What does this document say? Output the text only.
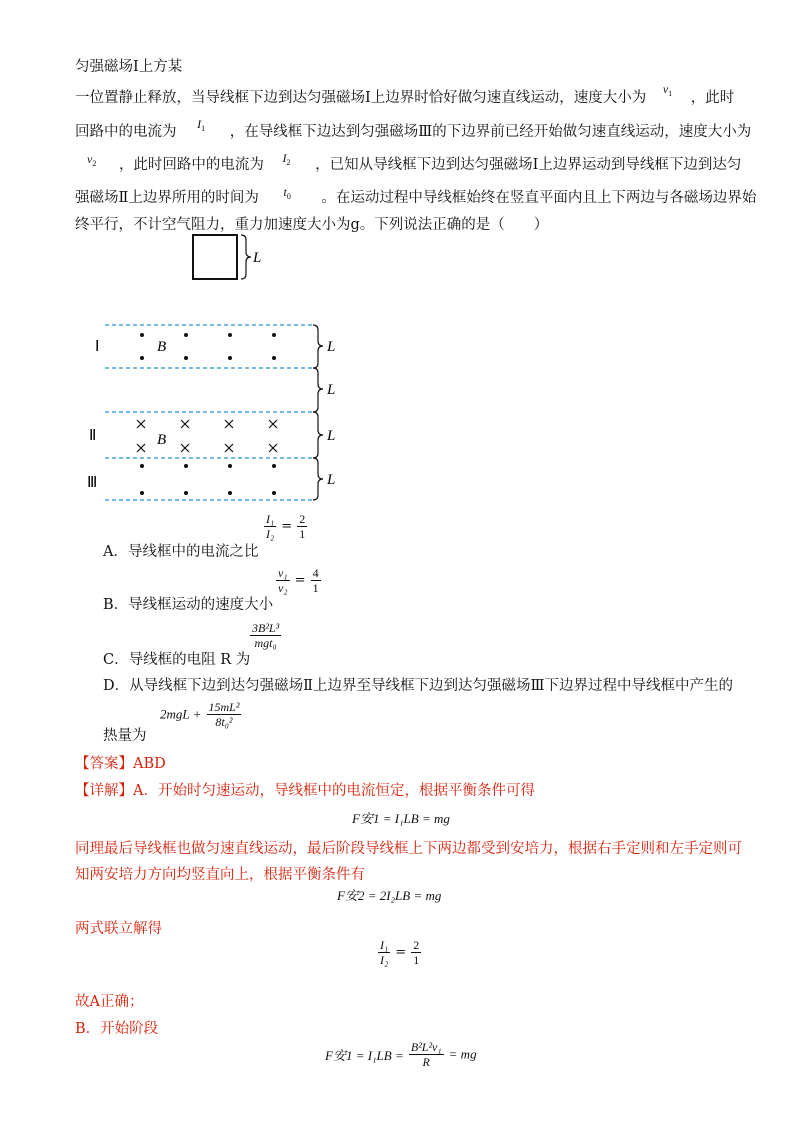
匀强磁场Ⅰ上方某
一位置静止释放，当导线框下边到达匀强磁场Ⅰ上边界时恰好做匀速直线运动，速度大小为 $^{v_1}$ ，此时
回路中的电流为 $^{I_1}$ ，在导线框下边达到匀强磁场Ⅲ的下边界前已经开始做匀速直线运动，速度大小为
$^{v_2}$ ，此时回路中的电流为 $^{I_2}$ ，已知从导线框下边到达匀强磁场Ⅰ上边界运动到导线框下边到达匀
强磁场Ⅱ上边界所用的时间为 $^{t_0}$ 。在运动过程中导线框始终在竖直平面内且上下两边与各磁场边界始
终平行，不计空气阻力，重力加速度大小为g。下列说法正确的是（　　）
L
L
L
L
L
Ⅰ
Ⅱ
Ⅲ
B
B
A．导线框中的电流之比
$\frac{\text{I₁}}{\text{I₂}} = \frac{2}{1}$
B．导线框运动的速度大小
$\frac{\text{v₁}}{\text{v₂}} = \frac{4}{1}$
C．导线框的电阻 R 为
$\frac{\text{3B²L³}}{\text{mgt₀}}$
D．从导线框下边到达匀强磁场Ⅱ上边界至导线框下边到达匀强磁场Ⅲ下边界过程中导线框中产生的
热量为
$2mgL + \frac{\text{15mL²}}{\text{8t₀²}}$
【答案】ABD
【详解】A．开始时匀速运动，导线框中的电流恒定，根据平衡条件可得
F安1 = I₁LB = mg
同理最后导线框也做匀速直线运动，最后阶段导线框上下两边都受到安培力，根据右手定则和左手定则可
知两安培力方向均竖直向上，根据平衡条件有
F安2 = 2I₂LB = mg
两式联立解得
$\frac{\text{I₁}}{\text{I₂}} = \frac{2}{1}$
故A正确；
B．开始阶段
F安$1 = I_1LB = \frac{\text{B²L²v₁}}{R}$ = mg
